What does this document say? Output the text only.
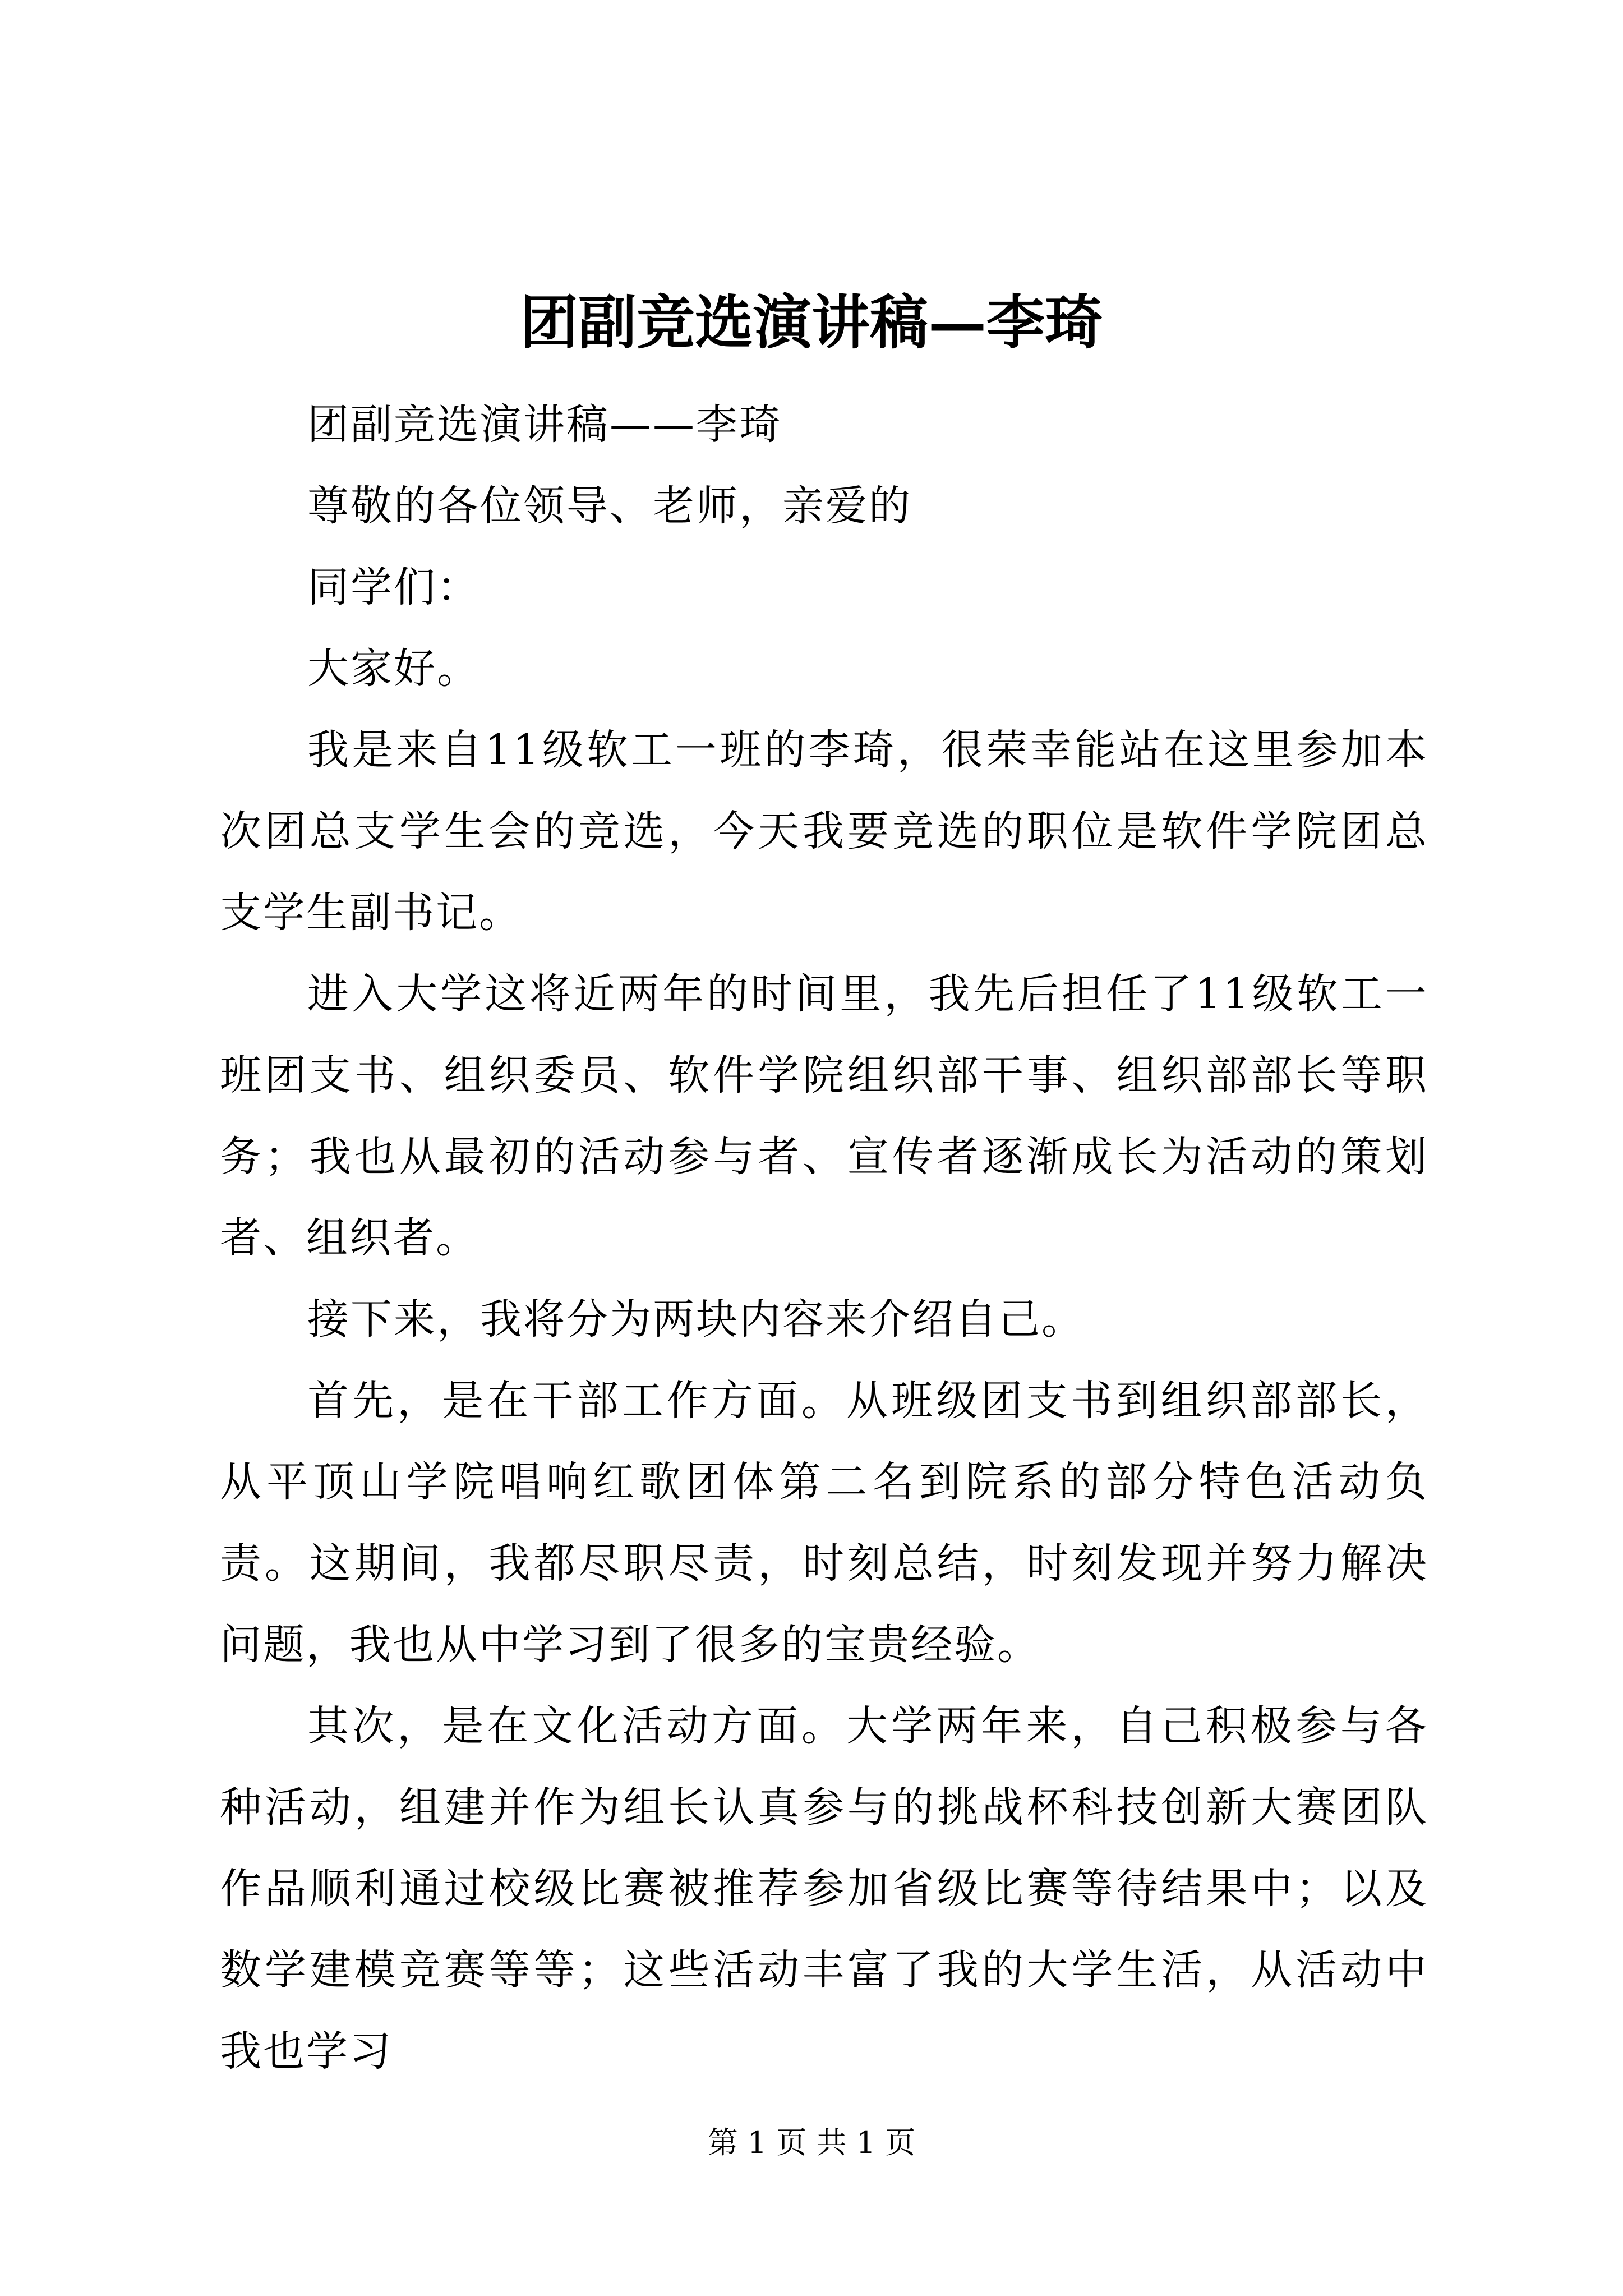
团副竞选演讲稿—李琦

团副竞选演讲稿——李琦

尊敬的各位领导、老师，亲爱的

同学们：

大家好。

我是来自11级软工一班的李琦，很荣幸能站在这里参加本次团总支学生会的竞选，今天我要竞选的职位是软件学院团总支学生副书记。

进入大学这将近两年的时间里，我先后担任了11级软工一班团支书、组织委员、软件学院组织部干事、组织部部长等职务；我也从最初的活动参与者、宣传者逐渐成长为活动的策划者、组织者。

接下来，我将分为两块内容来介绍自己。

首先，是在干部工作方面。从班级团支书到组织部部长，从平顶山学院唱响红歌团体第二名到院系的部分特色活动负责。这期间，我都尽职尽责，时刻总结，时刻发现并努力解决问题，我也从中学习到了很多的宝贵经验。

其次，是在文化活动方面。大学两年来，自己积极参与各种活动，组建并作为组长认真参与的挑战杯科技创新大赛团队作品顺利通过校级比赛被推荐参加省级比赛等待结果中；以及数学建模竞赛等等；这些活动丰富了我的大学生活，从活动中我也学习

第 1 页 共 1 页
